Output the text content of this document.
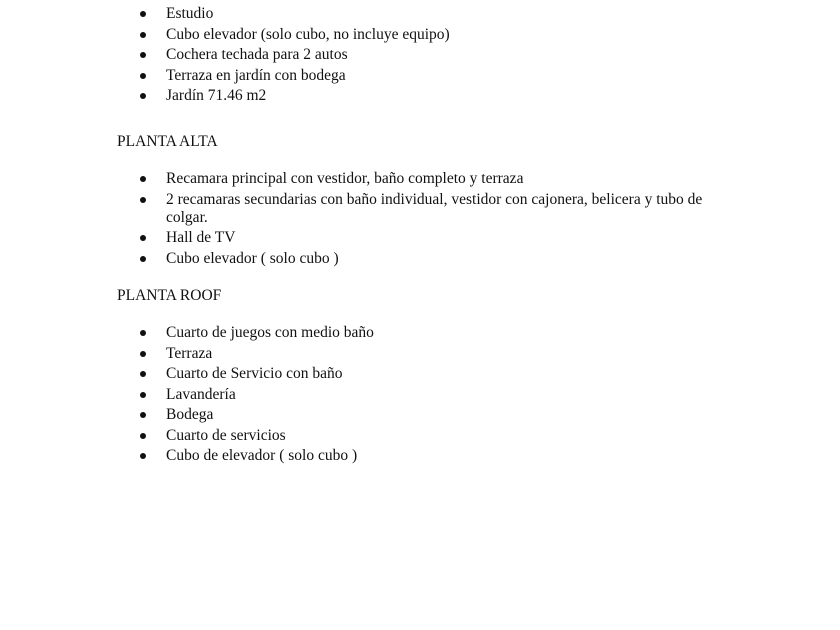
Estudio
Cubo elevador (solo cubo, no incluye equipo)
Cochera techada para 2 autos
Terraza en jardín con bodega
Jardín 71.46 m2
PLANTA ALTA
Recamara principal con vestidor, baño completo y terraza
2 recamaras secundarias con baño individual, vestidor con cajonera, belicera y tubo de colgar.
Hall de TV
Cubo elevador ( solo cubo )
PLANTA ROOF
Cuarto de juegos con medio baño
Terraza
Cuarto de Servicio con baño
Lavandería
Bodega
Cuarto de servicios
Cubo de elevador ( solo cubo )
